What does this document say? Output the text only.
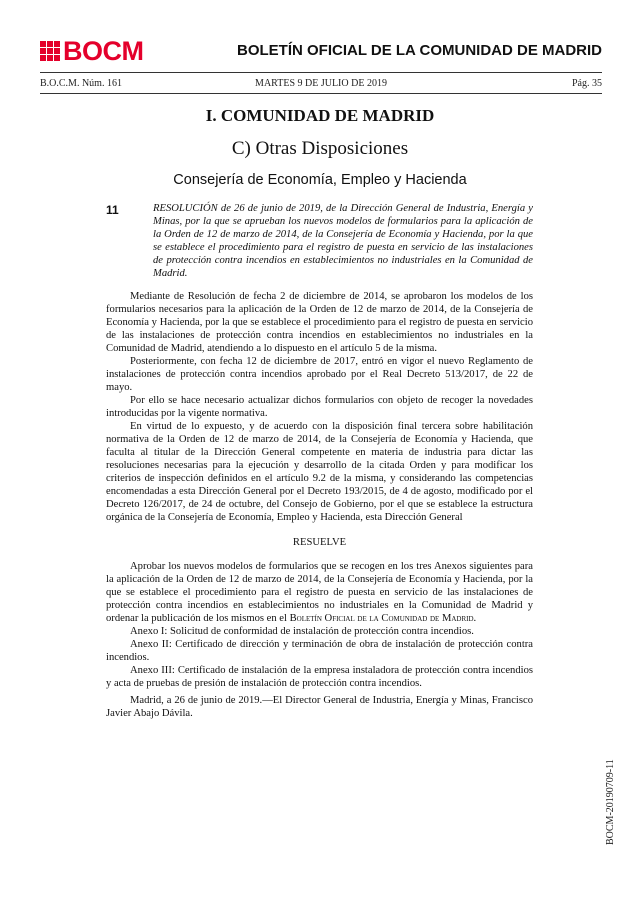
BOCM	BOLETÍN OFICIAL DE LA COMUNIDAD DE MADRID
B.O.C.M. Núm. 161	MARTES 9 DE JULIO DE 2019	Pág. 35
I. COMUNIDAD DE MADRID
C) Otras Disposiciones
Consejería de Economía, Empleo y Hacienda
11	RESOLUCIÓN de 26 de junio de 2019, de la Dirección General de Industria, Energía y Minas, por la que se aprueban los nuevos modelos de formularios para la aplicación de la Orden de 12 de marzo de 2014, de la Consejería de Economía y Hacienda, por la que se establece el procedimiento para el registro de puesta en servicio de las instalaciones de protección contra incendios en establecimientos no industriales en la Comunidad de Madrid.

Mediante de Resolución de fecha 2 de diciembre de 2014, se aprobaron los modelos de los formularios necesarios para la aplicación de la Orden de 12 de marzo de 2014, de la Consejería de Economía y Hacienda, por la que se establece el procedimiento para el registro de puesta en servicio de las instalaciones de protección contra incendios en establecimientos no industriales en la Comunidad de Madrid, atendiendo a lo dispuesto en el artículo 5 de la misma.

Posteriormente, con fecha 12 de diciembre de 2017, entró en vigor el nuevo Reglamento de instalaciones de protección contra incendios aprobado por el Real Decreto 513/2017, de 22 de mayo.

Por ello se hace necesario actualizar dichos formularios con objeto de recoger la novedades introducidas por la vigente normativa.

En virtud de lo expuesto, y de acuerdo con la disposición final tercera sobre habilitación normativa de la Orden de 12 de marzo de 2014, de la Consejería de Economía y Hacienda, que faculta al titular de la Dirección General competente en materia de industria para dictar las resoluciones necesarias para la ejecución y desarrollo de la citada Orden y para modificar los criterios de inspección definidos en el artículo 9.2 de la misma, y considerando las competencias encomendadas a esta Dirección General por el Decreto 193/2015, de 4 de agosto, modificado por el Decreto 126/2017, de 24 de octubre, del Consejo de Gobierno, por el que se establece la estructura orgánica de la Consejería de Economía, Empleo y Hacienda, esta Dirección General

RESUELVE

Aprobar los nuevos modelos de formularios que se recogen en los tres Anexos siguientes para la aplicación de la Orden de 12 de marzo de 2014, de la Consejería de Economía y Hacienda, por la que se establece el procedimiento para el registro de puesta en servicio de las instalaciones de protección contra incendios en establecimientos no industriales en la Comunidad de Madrid y ordenar la publicación de los mismos en el Boletín Oficial de la Comunidad de Madrid.

Anexo I: Solicitud de conformidad de instalación de protección contra incendios.

Anexo II: Certificado de dirección y terminación de obra de instalación de protección contra incendios.

Anexo III: Certificado de instalación de la empresa instaladora de protección contra incendios y acta de pruebas de presión de instalación de protección contra incendios.

Madrid, a 26 de junio de 2019.—El Director General de Industria, Energía y Minas, Francisco Javier Abajo Dávila.

BOCM-20190709-11
